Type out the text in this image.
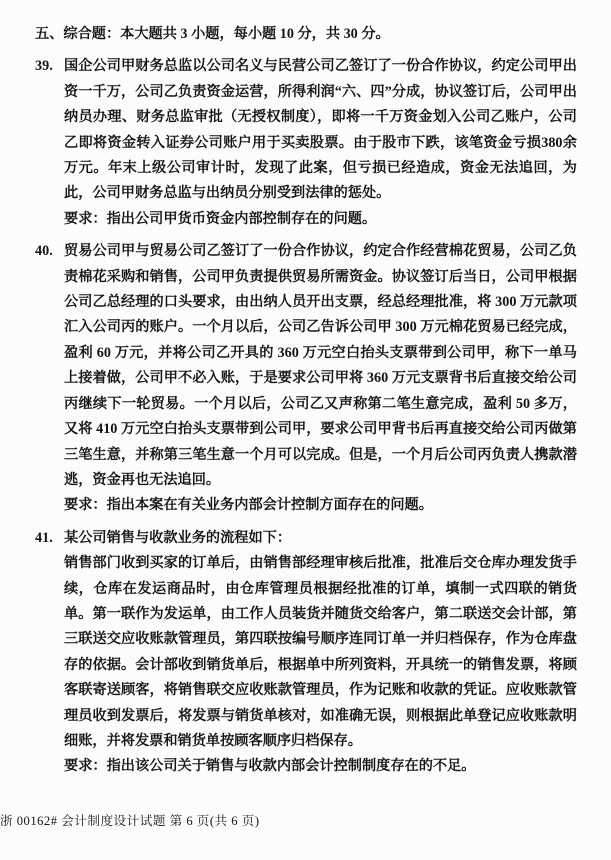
五、综合题：本大题共 3 小题，每小题 10 分，共 30 分。

39. 国企公司甲财务总监以公司名义与民营公司乙签订了一份合作协议，约定公司甲出资一千万，公司乙负责资金运营，所得利润“六、四”分成，协议签订后，公司甲出纳员办理、财务总监审批（无授权制度），即将一千万资金划入公司乙账户，公司乙即将资金转入证券公司账户用于买卖股票。由于股市下跌，该笔资金亏损380余万元。年末上级公司审计时，发现了此案，但亏损已经造成，资金无法追回，为此，公司甲财务总监与出纳员分别受到法律的惩处。

要求：指出公司甲货币资金内部控制存在的问题。

40. 贸易公司甲与贸易公司乙签订了一份合作协议，约定合作经营棉花贸易，公司乙负责棉花采购和销售，公司甲负责提供贸易所需资金。协议签订后当日，公司甲根据公司乙总经理的口头要求，由出纳人员开出支票，经总经理批准，将 300 万元款项汇入公司丙的账户。一个月以后，公司乙告诉公司甲 300 万元棉花贸易已经完成，盈利 60 万元，并将公司乙开具的 360 万元空白抬头支票带到公司甲，称下一单马上接着做，公司甲不必入账，于是要求公司甲将 360 万元支票背书后直接交给公司丙继续下一轮贸易。一个月以后，公司乙又声称第二笔生意完成，盈利 50 多万，又将 410 万元空白抬头支票带到公司甲，要求公司甲背书后再直接交给公司丙做第三笔生意，并称第三笔生意一个月可以完成。但是，一个月后公司丙负责人携款潜逃，资金再也无法追回。

要求：指出本案在有关业务内部会计控制方面存在的问题。

41. 某公司销售与收款业务的流程如下：

销售部门收到买家的订单后，由销售部经理审核后批准，批准后交仓库办理发货手续，仓库在发运商品时，由仓库管理员根据经批准的订单，填制一式四联的销货单。第一联作为发运单，由工作人员装货并随货交给客户，第二联送交会计部，第三联送交应收账款管理员，第四联按编号顺序连同订单一并归档保存，作为仓库盘存的依据。会计部收到销货单后，根据单中所列资料，开具统一的销售发票，将顾客联寄送顾客，将销售联交应收账款管理员，作为记账和收款的凭证。应收账款管理员收到发票后，将发票与销货单核对，如准确无误，则根据此单登记应收账款明细账，并将发票和销货单按顾客顺序归档保存。

要求：指出该公司关于销售与收款内部会计控制制度存在的不足。

浙 00162# 会计制度设计试题 第 6 页(共 6 页)
